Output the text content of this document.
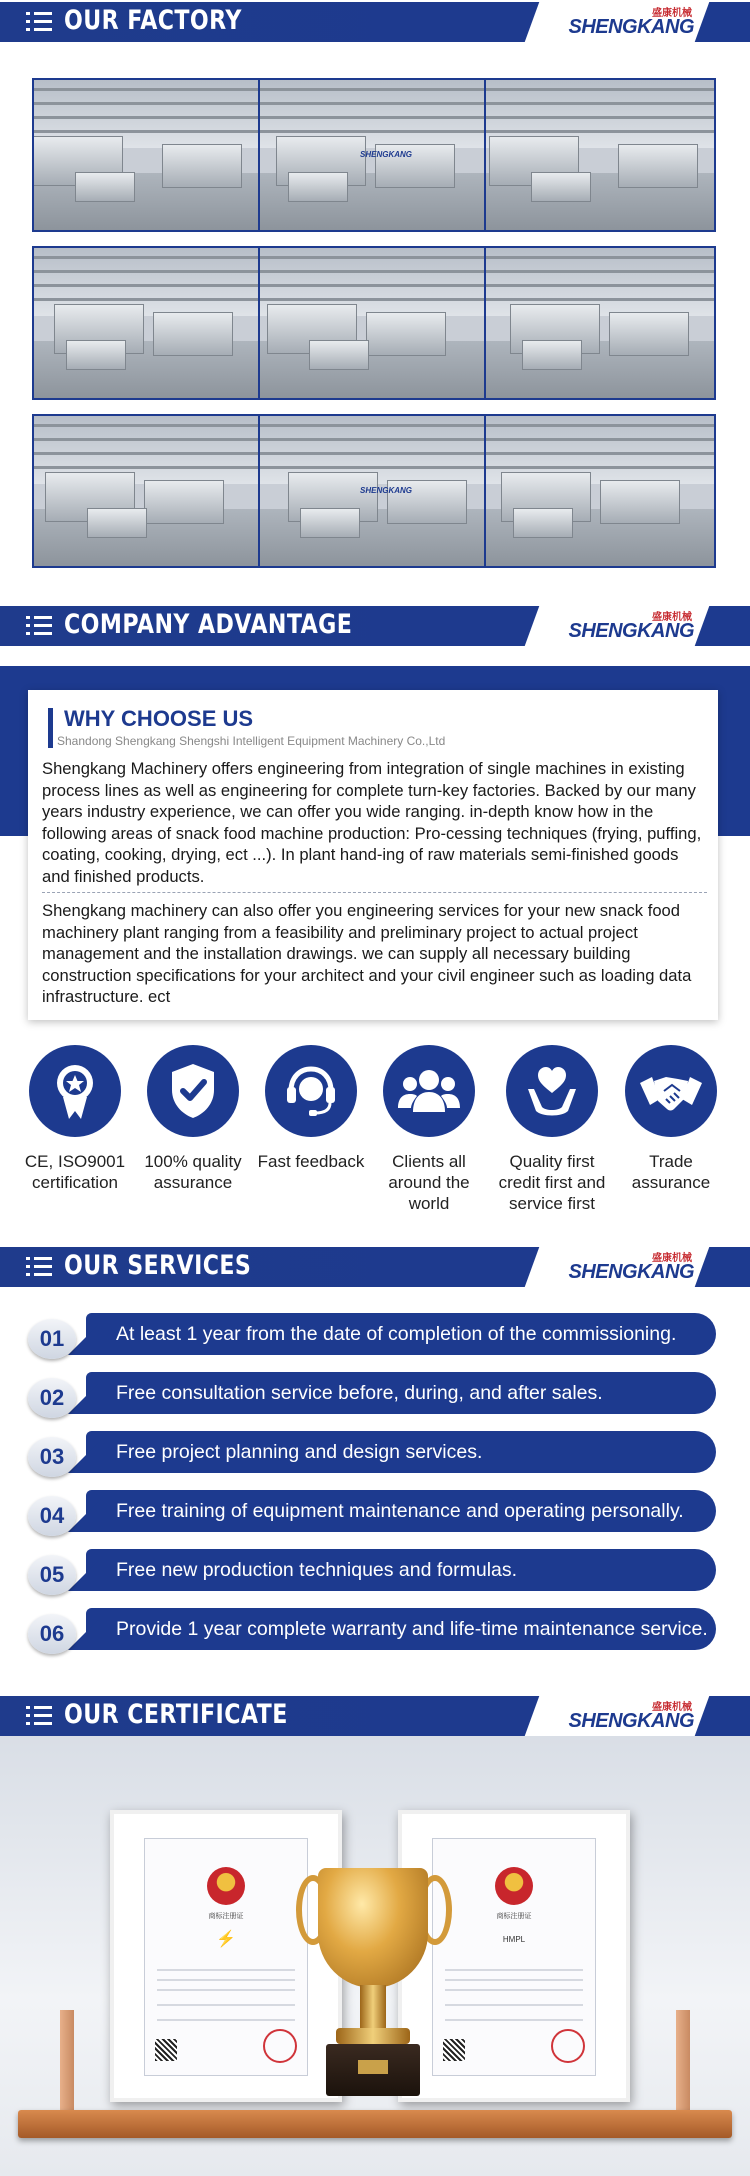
OUR FACTORY	盛康机械
SHENGKANG
SHENGKANG
SHENGKANG
COMPANY ADVANTAGE	盛康机械
SHENGKANG
WHY CHOOSE US
Shandong Shengkang Shengshi Intelligent Equipment Machinery Co.,Ltd
Shengkang Machinery offers engineering from integration of single machines in existing process lines as well as engineering for complete turn-key factories. Backed by our many years industry experience, we can offer you wide ranging. in-depth know how in the following areas of snack food machine production: Pro-cessing techniques (frying, puffing, coating, cooking, drying, ect ...). In plant hand-ing of raw materials semi-finished goods and finished products.
Shengkang machinery can also offer you engineering services for your new snack food machinery plant ranging from a feasibility and preliminary project to actual project management and the installation drawings. we can supply all necessary building construction specifications for your architect and your civil engineer such as loading data infrastructure. ect
CE, ISO9001 certification
100% quality assurance
Fast feedback	Clients all around the world
Quality first credit first and service first
Trade assurance
OUR SERVICES	盛康机械
SHENGKANG
01	At least 1 year from the date of completion of the commissioning.
02	Free consultation service before, during, and after sales.
03	Free project planning and design services.
04	Free training of equipment maintenance and operating personally.
05	Free new production techniques and formulas.
06	Provide 1 year complete warranty and life-time maintenance service.
OUR CERTIFICATE	盛康机械
SHENGKANG
商标注册证
⚡
商标注册证
HMPL
